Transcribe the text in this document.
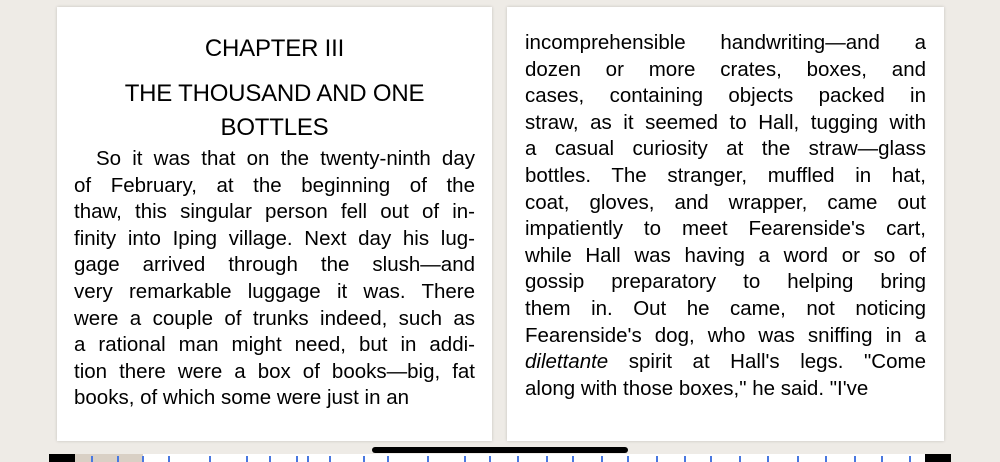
CHAPTER III
THE THOUSAND AND ONE
BOTTLES
So it was that on the twenty-ninth day
of February, at the beginning of the
thaw, this singular person fell out of in-
finity into Iping village. Next day his lug-
gage arrived through the slush—and
very remarkable luggage it was. There
were a couple of trunks indeed, such as
a rational man might need, but in addi-
tion there were a box of books—big, fat
books, of which some were just in an
incomprehensible handwriting—and a
dozen or more crates, boxes, and
cases, containing objects packed in
straw, as it seemed to Hall, tugging with
a casual curiosity at the straw—glass
bottles. The stranger, muffled in hat,
coat, gloves, and wrapper, came out
impatiently to meet Fearenside's cart,
while Hall was having a word or so of
gossip preparatory to helping bring
them in. Out he came, not noticing
Fearenside's dog, who was sniffing in a
dilettante spirit at Hall's legs. "Come
along with those boxes," he said. "I've
